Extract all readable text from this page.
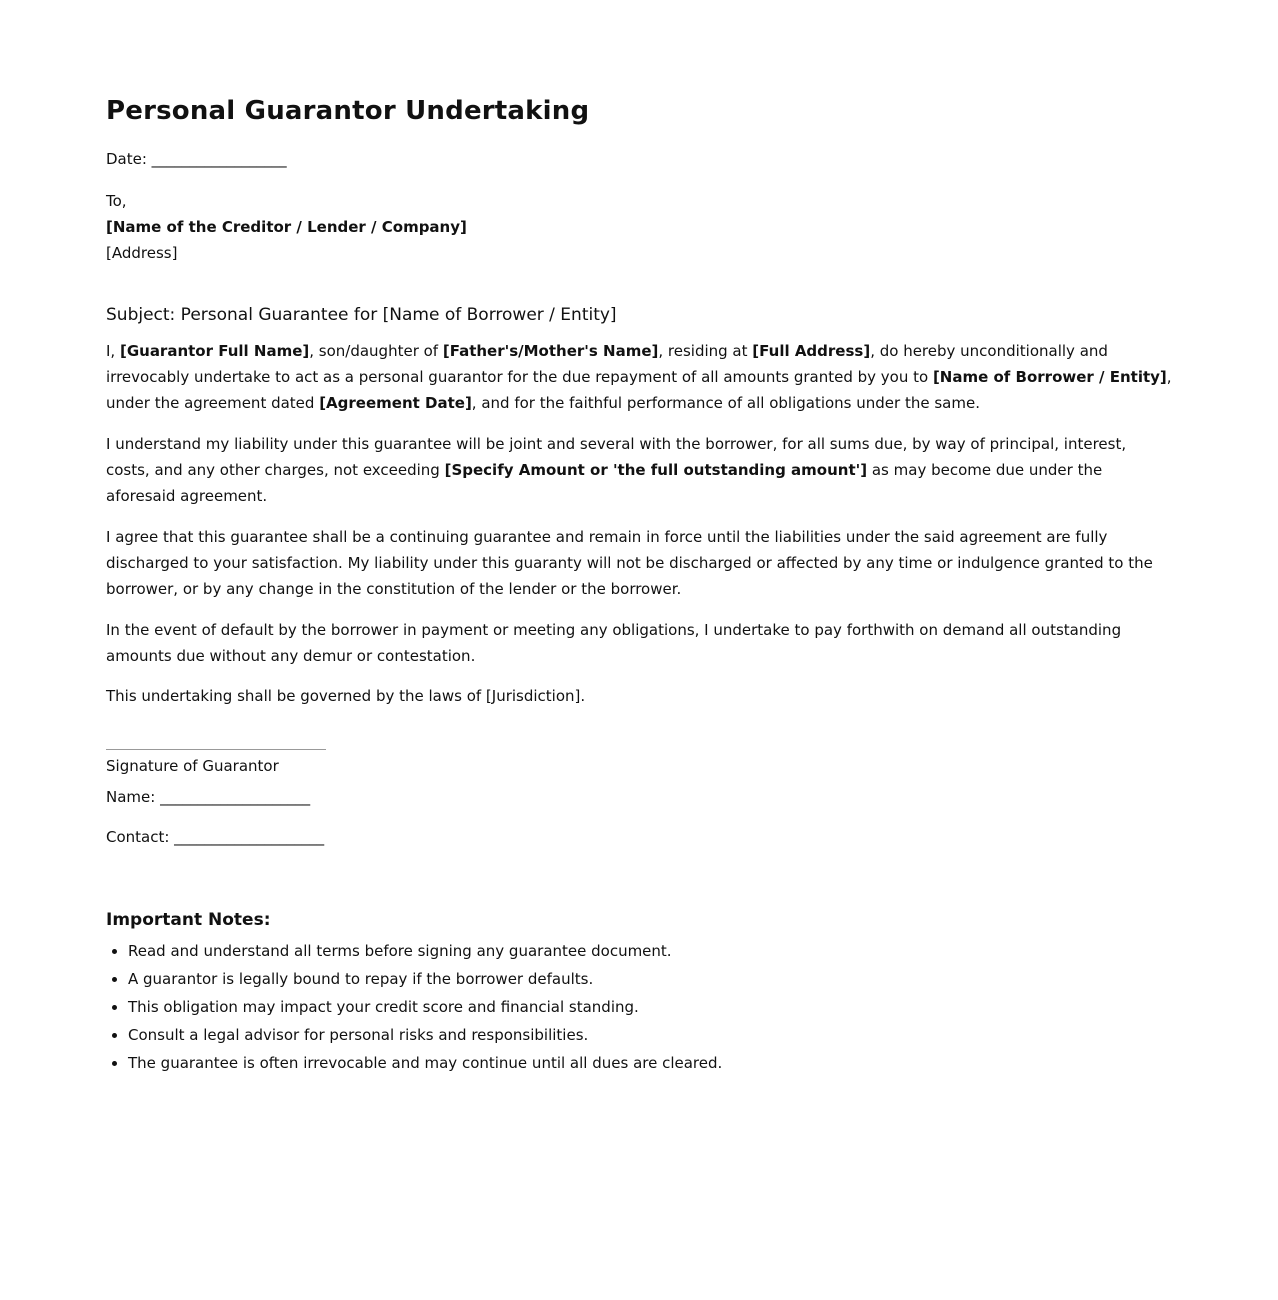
Personal Guarantor Undertaking
Date: __________________
To,
[Name of the Creditor / Lender / Company]
[Address]
Subject: Personal Guarantee for [Name of Borrower / Entity]

I, [Guarantor Full Name], son/daughter of [Father's/Mother's Name], residing at [Full Address], do hereby unconditionally and irrevocably undertake to act as a personal guarantor for the due repayment of all amounts granted by you to [Name of Borrower / Entity], under the agreement dated [Agreement Date], and for the faithful performance of all obligations under the same.

I understand my liability under this guarantee will be joint and several with the borrower, for all sums due, by way of principal, interest, costs, and any other charges, not exceeding [Specify Amount or 'the full outstanding amount'] as may become due under the aforesaid agreement.

I agree that this guarantee shall be a continuing guarantee and remain in force until the liabilities under the said agreement are fully discharged to your satisfaction. My liability under this guaranty will not be discharged or affected by any time or indulgence granted to the borrower, or by any change in the constitution of the lender or the borrower.

In the event of default by the borrower in payment or meeting any obligations, I undertake to pay forthwith on demand all outstanding amounts due without any demur or contestation.

This undertaking shall be governed by the laws of [Jurisdiction].

Signature of Guarantor
Name: ____________________
Contact: ____________________
Important Notes:
• Read and understand all terms before signing any guarantee document.
• A guarantor is legally bound to repay if the borrower defaults.
• This obligation may impact your credit score and financial standing.
• Consult a legal advisor for personal risks and responsibilities.
• The guarantee is often irrevocable and may continue until all dues are cleared.
